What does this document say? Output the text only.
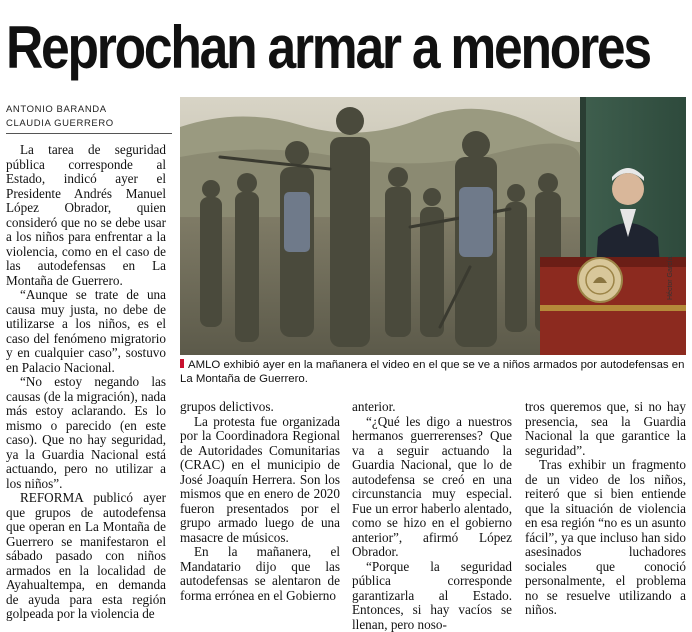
Reprochan armar a menores
ANTONIO BARANDA
CLAUDIA GUERRERO
Héctor García
AMLO exhibió ayer en la mañanera el video en el que se ve a niños armados por autodefensas en La Montaña de Guerrero.

La tarea de seguridad pública corresponde al Estado, indicó ayer el Presidente Andrés Manuel López Obrador, quien consideró que no se debe usar a los niños para enfrentar a la violencia, como en el caso de las autodefensas en La Montaña de Guerrero.

“Aunque se trate de una causa muy justa, no debe de utilizarse a los niños, es el caso del fenómeno migratorio y en cualquier caso”, sostuvo en Palacio Nacional.

“No estoy negando las causas (de la migración), nada más estoy aclarando. Es lo mismo o parecido (en este caso). Que no hay seguridad, ya la Guardia Nacional está actuando, pero no utilizar a los niños”.

REFORMA publicó ayer que grupos de autodefensa que operan en La Montaña de Guerrero se manifestaron el sábado pasado con niños armados en la localidad de Ayahualtempa, en demanda de ayuda para esta región golpeada por la violencia de

grupos delictivos.

La protesta fue organizada por la Coordinadora Regional de Autoridades Comunitarias (CRAC) en el municipio de José Joaquín Herrera. Son los mismos que en enero de 2020 fueron presentados por el grupo armado luego de una masacre de músicos.

En la mañanera, el Mandatario dijo que las autodefensas se alentaron de forma errónea en el Gobierno

anterior.

“¿Qué les digo a nuestros hermanos guerrerenses? Que va a seguir actuando la Guardia Nacional, que lo de autodefensa se creó en una circunstancia muy especial. Fue un error haberlo alentado, como se hizo en el gobierno anterior”, afirmó López Obrador.

“Porque la seguridad pública corresponde garantizarla al Estado. Entonces, si hay vacíos se llenan, pero noso-

tros queremos que, si no hay presencia, sea la Guardia Nacional la que garantice la seguridad”.

Tras exhibir un fragmento de un video de los niños, reiteró que si bien entiende que la situación de violencia en esa región “no es un asunto fácil”, ya que incluso han sido asesinados luchadores sociales que conoció personalmente, el problema no se resuelve utilizando a niños.
